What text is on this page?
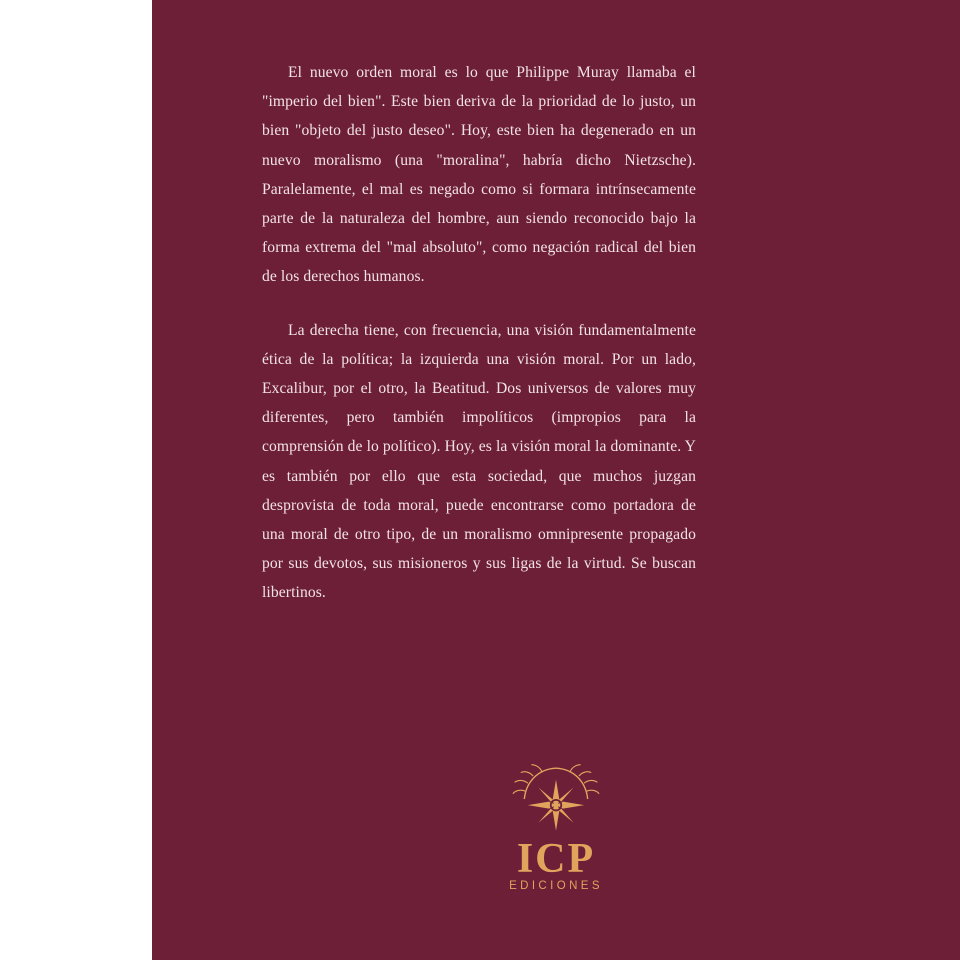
El nuevo orden moral es lo que Philippe Muray llamaba el "imperio del bien". Este bien deriva de la prioridad de lo justo, un bien "objeto del justo deseo". Hoy, este bien ha degenerado en un nuevo moralismo (una "moralina", habría dicho Nietzsche). Paralelamente, el mal es negado como si formara intrínsecamente parte de la naturaleza del hombre, aun siendo reconocido bajo la forma extrema del "mal absoluto", como negación radical del bien de los derechos humanos.

La derecha tiene, con frecuencia, una visión fundamentalmente ética de la política; la izquierda una visión moral. Por un lado, Excalibur, por el otro, la Beatitud. Dos universos de valores muy diferentes, pero también impolíticos (impropios para la comprensión de lo político). Hoy, es la visión moral la dominante. Y es también por ello que esta sociedad, que muchos juzgan desprovista de toda moral, puede encontrarse como portadora de una moral de otro tipo, de un moralismo omnipresente propagado por sus devotos, sus misioneros y sus ligas de la virtud. Se buscan libertinos.

ICP
EDICIONES
